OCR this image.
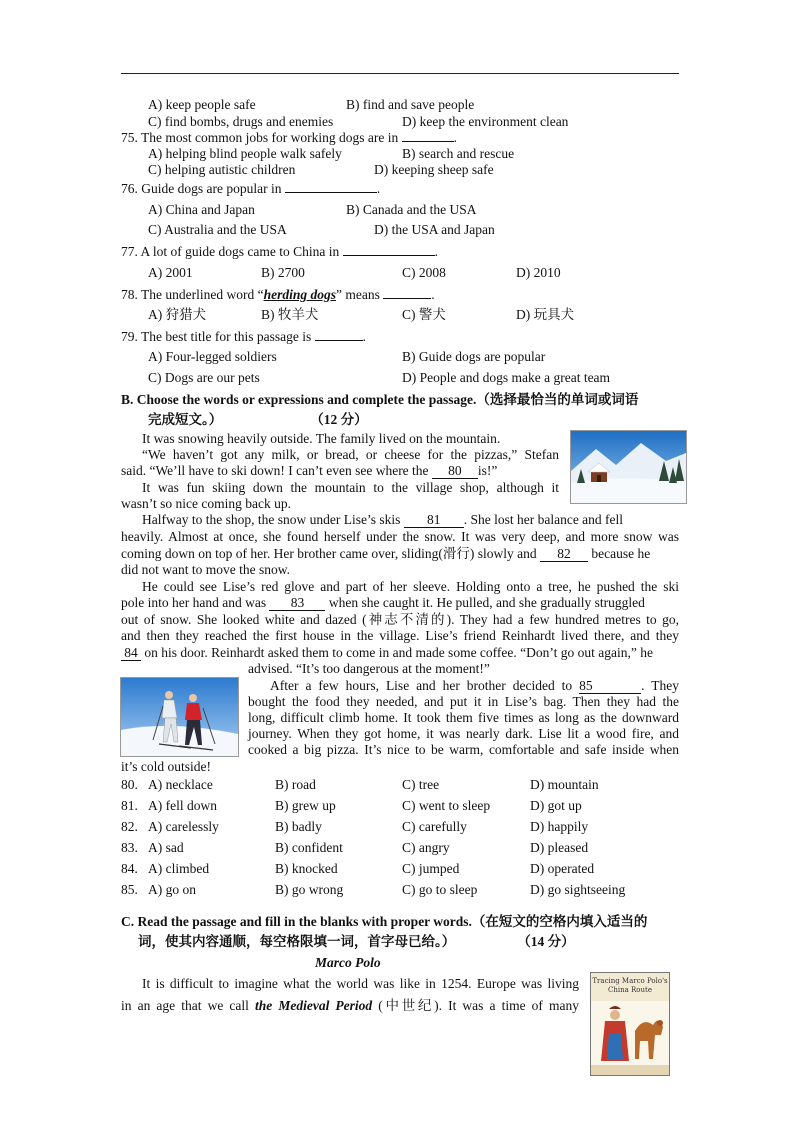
A) keep people safe	B) find and save people
C) find bombs, drugs and enemies	D) keep the environment clean
75. The most common jobs for working dogs are in	.
A) helping blind people walk safely	B) search and rescue
C) helping autistic children	D) keeping sheep safe
76. Guide dogs are popular in	.
A) China and Japan	B) Canada and the USA
C) Australia and the USA	D) the USA and Japan
77. A lot of guide dogs came to China in	.
A) 2001	B) 2700	C) 2008	D) 2010
78. The underlined word “herding dogs” means	.
A) 狩猎犬	B) 牧羊犬	C) 警犬	D) 玩具犬
79. The best title for this passage is	.
A) Four-legged soldiers	B) Guide dogs are popular
C) Dogs are our pets	D) People and dogs make a great team
B. Choose the words or expressions and complete the passage.（选择最恰当的单词或词语
完成短文。）	（12 分）
It was snowing heavily outside. The family lived on the mountain.
“We haven’t got any milk, or bread, or cheese for the pizzas,” Stefan
said. “We’ll have to ski down! I can’t even see where the 80 is!”
It was fun skiing down the mountain to the village shop, although it
wasn’t so nice coming back up.
Halfway to the shop, the snow under Lise’s skis 81 . She lost her balance and fell
heavily. Almost at once, she found herself under the snow. It was very deep, and more snow was
coming down on top of her. Her brother came over, sliding(滑行) slowly and 82 because he
did not want to move the snow.
He could see Lise’s red glove and part of her sleeve. Holding onto a tree, he pushed the ski
pole into her hand and was 83 when she caught it. He pulled, and she gradually struggled
out of snow. She looked white and dazed (神志不清的). They had a few hundred metres to go,
and then they reached the first house in the village. Lise’s friend Reinhardt lived there, and they
84 on his door. Reinhardt asked them to come in and made some coffee. “Don’t go out again,” he
advised. “It’s too dangerous at the moment!”
After a few hours, Lise and her brother decided to 85	. They
bought the food they needed, and put it in Lise’s bag. Then they had the
long, difficult climb home. It took them five times as long as the downward
journey. When they got home, it was nearly dark. Lise lit a wood fire, and
cooked a big pizza. It’s nice to be warm, comfortable and safe inside when
it’s cold outside!
80. A) necklace	B) road	C) tree	D) mountain
81. A) fell down	B) grew up	C) went to sleep	D) got up
82. A) carelessly	B) badly	C) carefully	D) happily
83. A) sad	B) confident	C) angry	D) pleased
84. A) climbed	B) knocked	C) jumped	D) operated
85. A) go on	B) go wrong	C) go to sleep	D) go sightseeing
C. Read the passage and fill in the blanks with proper words.（在短文的空格内填入适当的
词，使其内容通顺，每空格限填一词，首字母已给。）	（14 分）
Marco Polo
It is difficult to imagine what the world was like in 1254. Europe was living
in an age that we call the Medieval Period (中世纪). It was a time of many
Tracing Marco Polo's
China Route
